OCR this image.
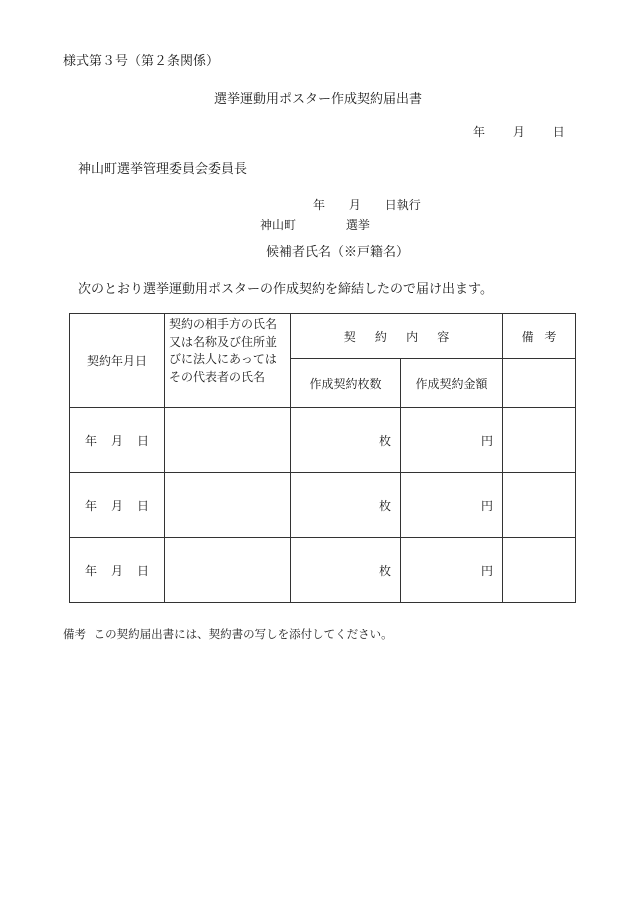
様式第３号（第２条関係）
選挙運動用ポスター作成契約届出書
年 月 日
神山町選挙管理委員会委員長
年 月 日執行
神山町	選挙
候補者氏名（※戸籍名）
次のとおり選挙運動用ポスターの作成契約を締結したので届け出ます。
契約年月日	契約の相手方の氏名又は名称及び住所並びに法人にあってはその代表者の氏名	契約内容		備考
		作成契約枚数	作成契約金額	
年 月 日		枚	円	
年 月 日		枚	円	
年 月 日		枚	円	
備考 この契約届出書には、契約書の写しを添付してください。
